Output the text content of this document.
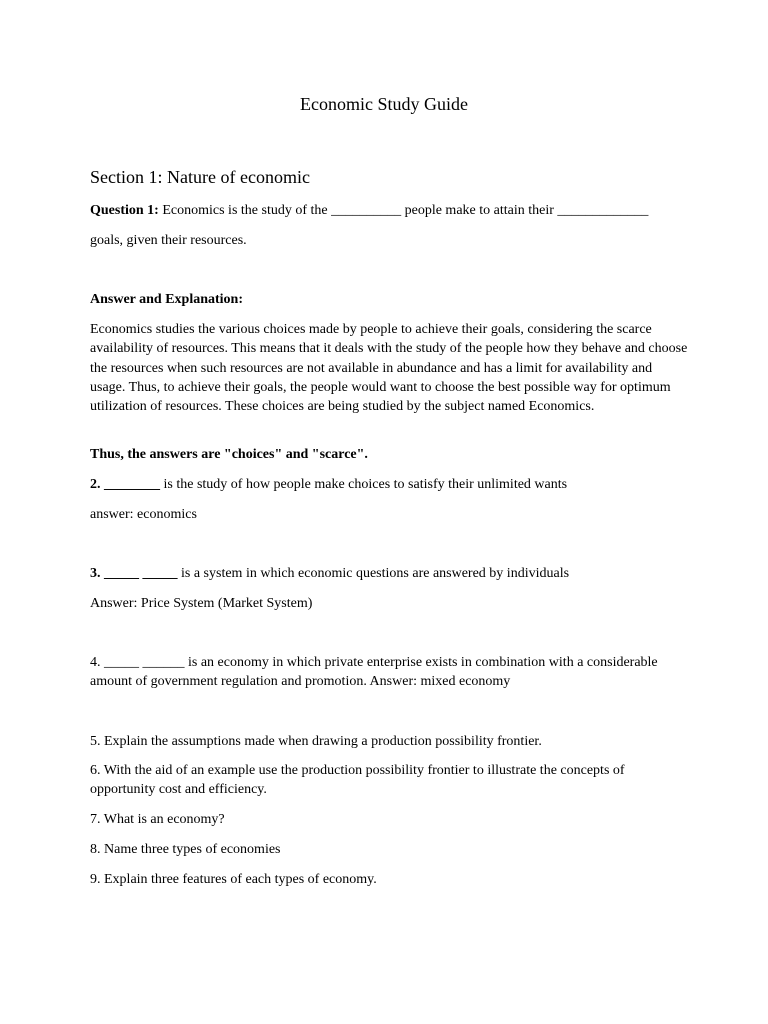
Economic Study Guide
Section 1: Nature of economic
Question 1: Economics is the study of the __________ people make to attain their _____________
goals, given their resources.
Answer and Explanation:
Economics studies the various choices made by people to achieve their goals, considering the scarce availability of resources. This means that it deals with the study of the people how they behave and choose the resources when such resources are not available in abundance and has a limit for availability and usage. Thus, to achieve their goals, the people would want to choose the best possible way for optimum utilization of resources. These choices are being studied by the subject named Economics.
Thus, the answers are "choices" and "scarce".
2. ________ is the study of how people make choices to satisfy their unlimited wants
answer: economics
3. _____ _____ is a system in which economic questions are answered by individuals
Answer: Price System (Market System)
4. _____ ______ is an economy in which private enterprise exists in combination with a considerable amount of government regulation and promotion. Answer: mixed economy
5. Explain the assumptions made when drawing a production possibility frontier.
6. With the aid of an example use the production possibility frontier to illustrate the concepts of opportunity cost and efficiency.
7. What is an economy?
8. Name three types of economies
9. Explain three features of each types of economy.
